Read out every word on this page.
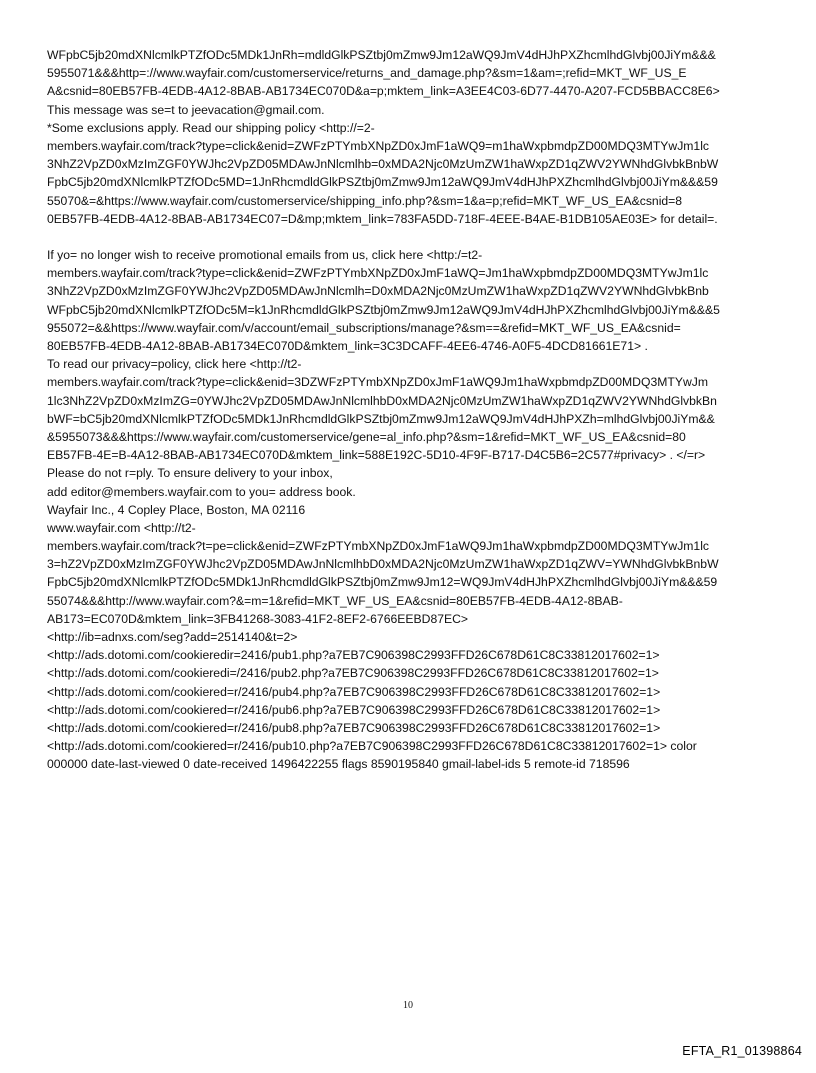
WFpbC5jb20mdXNlcmlkPTZfODc5MDk1JnRh=mdldGlkPSZtbj0mZmw9Jm12aWQ9JmV4dHJhPXZhcmlhdGlvbj00JiYm&&&
5955071&&&http=://www.wayfair.com/customerservice/returns_and_damage.php?&sm=1&am=;refid=MKT_WF_US_E
A&csnid=80EB57FB-4EDB-4A12-8BAB-AB1734EC070D&a=p;mktem_link=A3EE4C03-6D77-4470-A207-FCD5BBACC8E6>
This message was se=t to jeevacation@gmail.com.
*Some exclusions apply. Read our shipping policy <http://=2-
members.wayfair.com/track?type=click&enid=ZWFzPTYmbXNpZD0xJmF1aWQ9=m1haWxpbmdpZD00MDQ3MTYwJm1lc
3NhZ2VpZD0xMzImZGF0YWJhc2VpZD05MDAwJnNlcmlhb=0xMDA2Njc0MzUmZW1haWxpZD1qZWV2YWNhdGlvbkBnbW
FpbC5jb20mdXNlcmlkPTZfODc5MD=1JnRhcmdldGlkPSZtbj0mZmw9Jm12aWQ9JmV4dHJhPXZhcmlhdGlvbj00JiYm&&&59
55070&=&https://www.wayfair.com/customerservice/shipping_info.php?&sm=1&a=p;refid=MKT_WF_US_EA&csnid=8
0EB57FB-4EDB-4A12-8BAB-AB1734EC07=D&mp;mktem_link=783FA5DD-718F-4EEE-B4AE-B1DB105AE03E> for detail=.
If yo= no longer wish to receive promotional emails from us, click here <http:/=t2-
members.wayfair.com/track?type=click&enid=ZWFzPTYmbXNpZD0xJmF1aWQ=Jm1haWxpbmdpZD00MDQ3MTYwJm1lc
3NhZ2VpZD0xMzImZGF0YWJhc2VpZD05MDAwJnNlcmlh=D0xMDA2Njc0MzUmZW1haWxpZD1qZWV2YWNhdGlvbkBnb
WFpbC5jb20mdXNlcmlkPTZfODc5M=k1JnRhcmdldGlkPSZtbj0mZmw9Jm12aWQ9JmV4dHJhPXZhcmlhdGlvbj00JiYm&&&5
955072=&&https://www.wayfair.com/v/account/email_subscriptions/manage?&sm==&refid=MKT_WF_US_EA&csnid=
80EB57FB-4EDB-4A12-8BAB-AB1734EC070D&mktem_link=3C3DCAFF-4EE6-4746-A0F5-4DCD81661E71> .
To read our privacy=policy, click here <http://t2-
members.wayfair.com/track?type=click&enid=3DZWFzPTYmbXNpZD0xJmF1aWQ9Jm1haWxpbmdpZD00MDQ3MTYwJm
1lc3NhZ2VpZD0xMzImZG=0YWJhc2VpZD05MDAwJnNlcmlhbD0xMDA2Njc0MzUmZW1haWxpZD1qZWV2YWNhdGlvbkBn
bWF=bC5jb20mdXNlcmlkPTZfODc5MDk1JnRhcmdldGlkPSZtbj0mZmw9Jm12aWQ9JmV4dHJhPXZh=mlhdGlvbj00JiYm&&
&5955073&&&https://www.wayfair.com/customerservice/gene=al_info.php?&sm=1&refid=MKT_WF_US_EA&csnid=80
EB57FB-4E=B-4A12-8BAB-AB1734EC070D&mktem_link=588E192C-5D10-4F9F-B717-D4C5B6=2C577#privacy> . </=r>
Please do not r=ply. To ensure delivery to your inbox,
add editor@members.wayfair.com to you= address book.
Wayfair Inc., 4 Copley Place, Boston, MA 02116
www.wayfair.com <http://t2-
members.wayfair.com/track?t=pe=click&enid=ZWFzPTYmbXNpZD0xJmF1aWQ9Jm1haWxpbmdpZD00MDQ3MTYwJm1lc
3=hZ2VpZD0xMzImZGF0YWJhc2VpZD05MDAwJnNlcmlhbD0xMDA2Njc0MzUmZW1haWxpZD1qZWV=YWNhdGlvbkBnbW
FpbC5jb20mdXNlcmlkPTZfODc5MDk1JnRhcmdldGlkPSZtbj0mZmw9Jm12=WQ9JmV4dHJhPXZhcmlhdGlvbj00JiYm&&&59
55074&&&http://www.wayfair.com?&=m=1&refid=MKT_WF_US_EA&csnid=80EB57FB-4EDB-4A12-8BAB-
AB173=EC070D&mktem_link=3FB41268-3083-41F2-8EF2-6766EEBD87EC>
<http://ib=adnxs.com/seg?add=2514140&t=2>
<http://ads.dotomi.com/cookieredir=2416/pub1.php?a7EB7C906398C2993FFD26C678D61C8C33812017602=1>
<http://ads.dotomi.com/cookieredi=/2416/pub2.php?a7EB7C906398C2993FFD26C678D61C8C33812017602=1>
<http://ads.dotomi.com/cookiered=r/2416/pub4.php?a7EB7C906398C2993FFD26C678D61C8C33812017602=1>
<http://ads.dotomi.com/cookiered=r/2416/pub6.php?a7EB7C906398C2993FFD26C678D61C8C33812017602=1>
<http://ads.dotomi.com/cookiered=r/2416/pub8.php?a7EB7C906398C2993FFD26C678D61C8C33812017602=1>
<http://ads.dotomi.com/cookiered=r/2416/pub10.php?a7EB7C906398C2993FFD26C678D61C8C33812017602=1> color
000000 date-last-viewed 0 date-received 1496422255 flags 8590195840 gmail-label-ids 5 remote-id 718596
10
EFTA_R1_01398864
